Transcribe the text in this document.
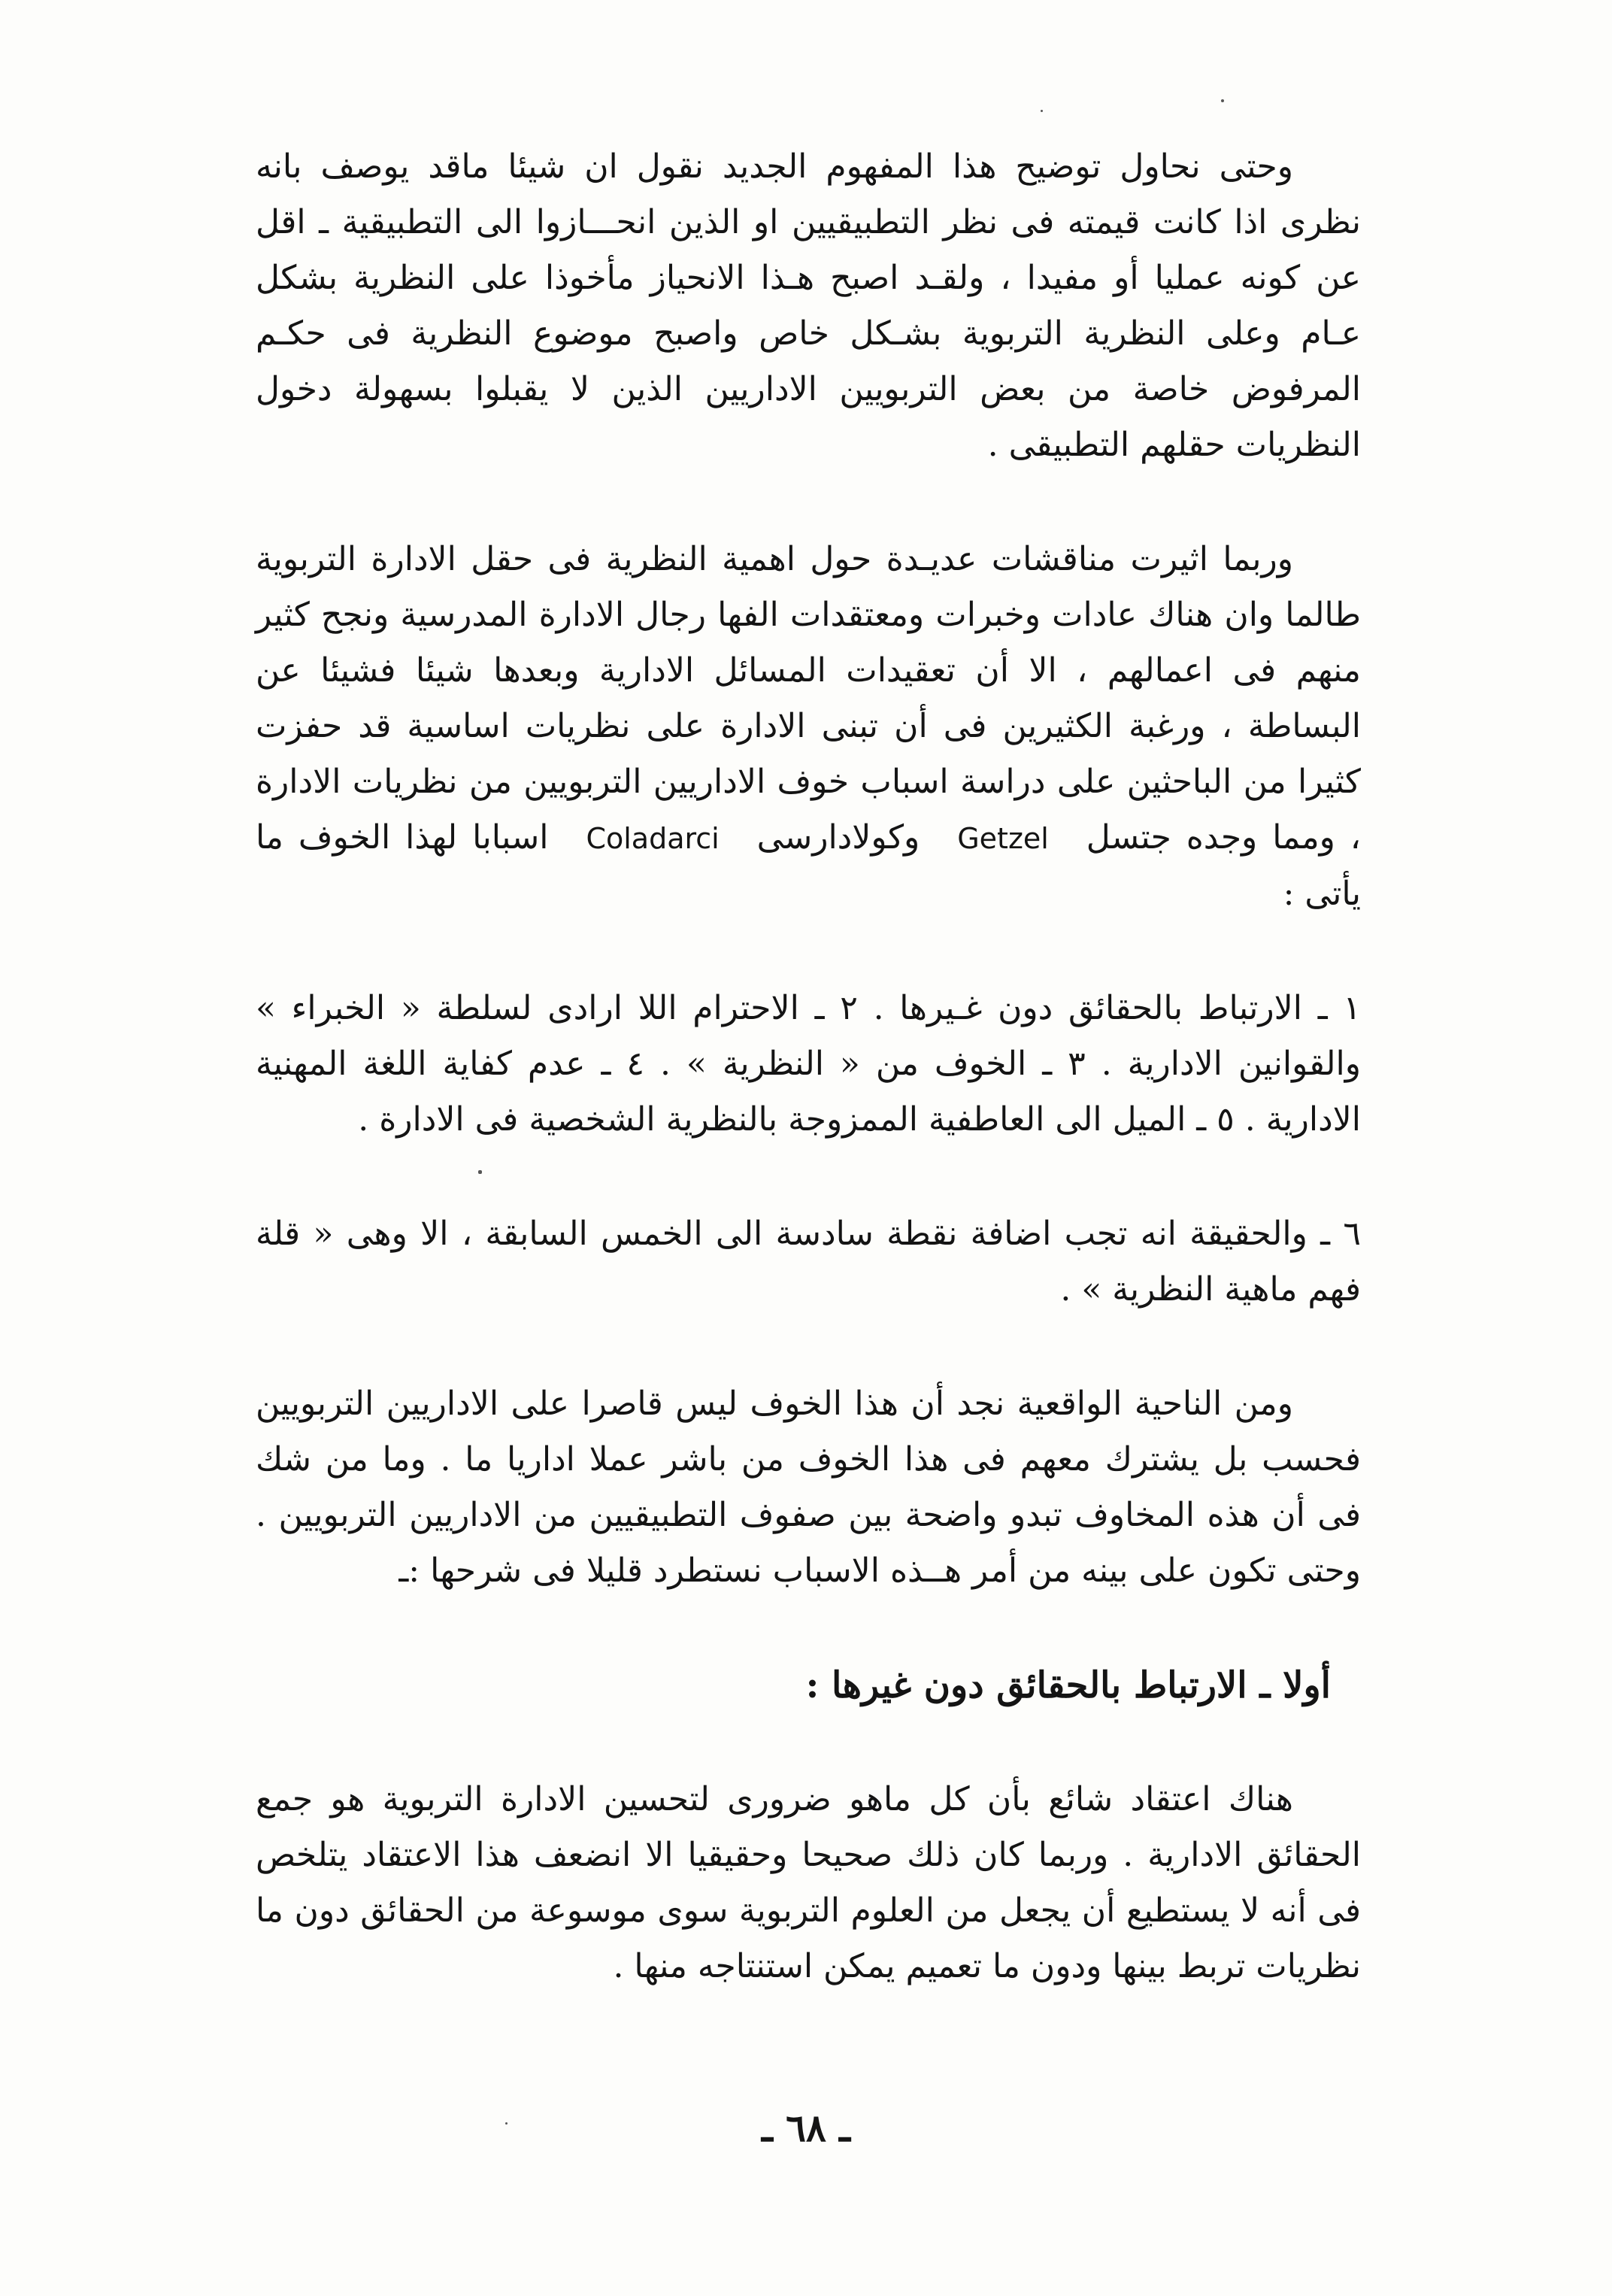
وحتى نحاول توضيح هذا المفهوم الجديد نقول ان شيئا ماقد يوصف بانه نظرى اذا كانت قيمته فى نظر التطبيقيين او الذين انحـــازوا الى التطبيقية ـ اقل عن كونه عمليا أو مفيدا ، ولقـد اصبح هـذا الانحياز مأخوذا على النظرية بشكل عـام وعلى النظرية التربوية بشـكل خاص واصبح موضوع النظرية فى حكـم المرفوض خاصة من بعض التربويين الاداريين الذين لا يقبلوا بسهولة دخول النظريات حقلهم التطبيقى .

وربما اثيرت مناقشات عديـدة حول اهمية النظرية فى حقل الادارة التربوية طالما وان هناك عادات وخبرات ومعتقدات الفها رجال الادارة المدرسية ونجح كثير منهم فى اعمالهم ، الا أن تعقيدات المسائل الادارية وبعدها شيئا فشيئا عن البساطة ، ورغبة الكثيرين فى أن تبنى الادارة على نظريات اساسية قد حفزت كثيرا من الباحثين على دراسة اسباب خوف الاداريين التربويين من نظريات الادارة ، ومما وجده جتسل Getzel وكولادارسى Coladarci اسبابا لهذا الخوف ما يأتى :

١ ـ الارتباط بالحقائق دون غـيرها . ٢ ـ الاحترام اللا ارادى لسلطة « الخبراء » والقوانين الادارية . ٣ ـ الخوف من « النظرية » . ٤ ـ عدم كفاية اللغة المهنية الادارية . ٥ ـ الميل الى العاطفية الممزوجة بالنظرية الشخصية فى الادارة .

٦ ـ والحقيقة انه تجب اضافة نقطة سادسة الى الخمس السابقة ، الا وهى « قلة فهم ماهية النظرية » .

ومن الناحية الواقعية نجد أن هذا الخوف ليس قاصرا على الاداريين التربويين فحسب بل يشترك معهم فى هذا الخوف من باشر عملا اداريا ما . وما من شك فى أن هذه المخاوف تبدو واضحة بين صفوف التطبيقيين من الاداريين التربويين . وحتى تكون على بينه من أمر هــذه الاسباب نستطرد قليلا فى شرحها :ـ

أولا ـ الارتباط بالحقائق دون غيرها :

هناك اعتقاد شائع بأن كل ماهو ضرورى لتحسين الادارة التربوية هو جمع الحقائق الادارية . وربما كان ذلك صحيحا وحقيقيا الا انضعف هذا الاعتقاد يتلخص فى أنه لا يستطيع أن يجعل من العلوم التربوية سوى موسوعة من الحقائق دون ما نظريات تربط بينها ودون ما تعميم يمكن استنتاجه منها .

ـ ٦٨ ـ
